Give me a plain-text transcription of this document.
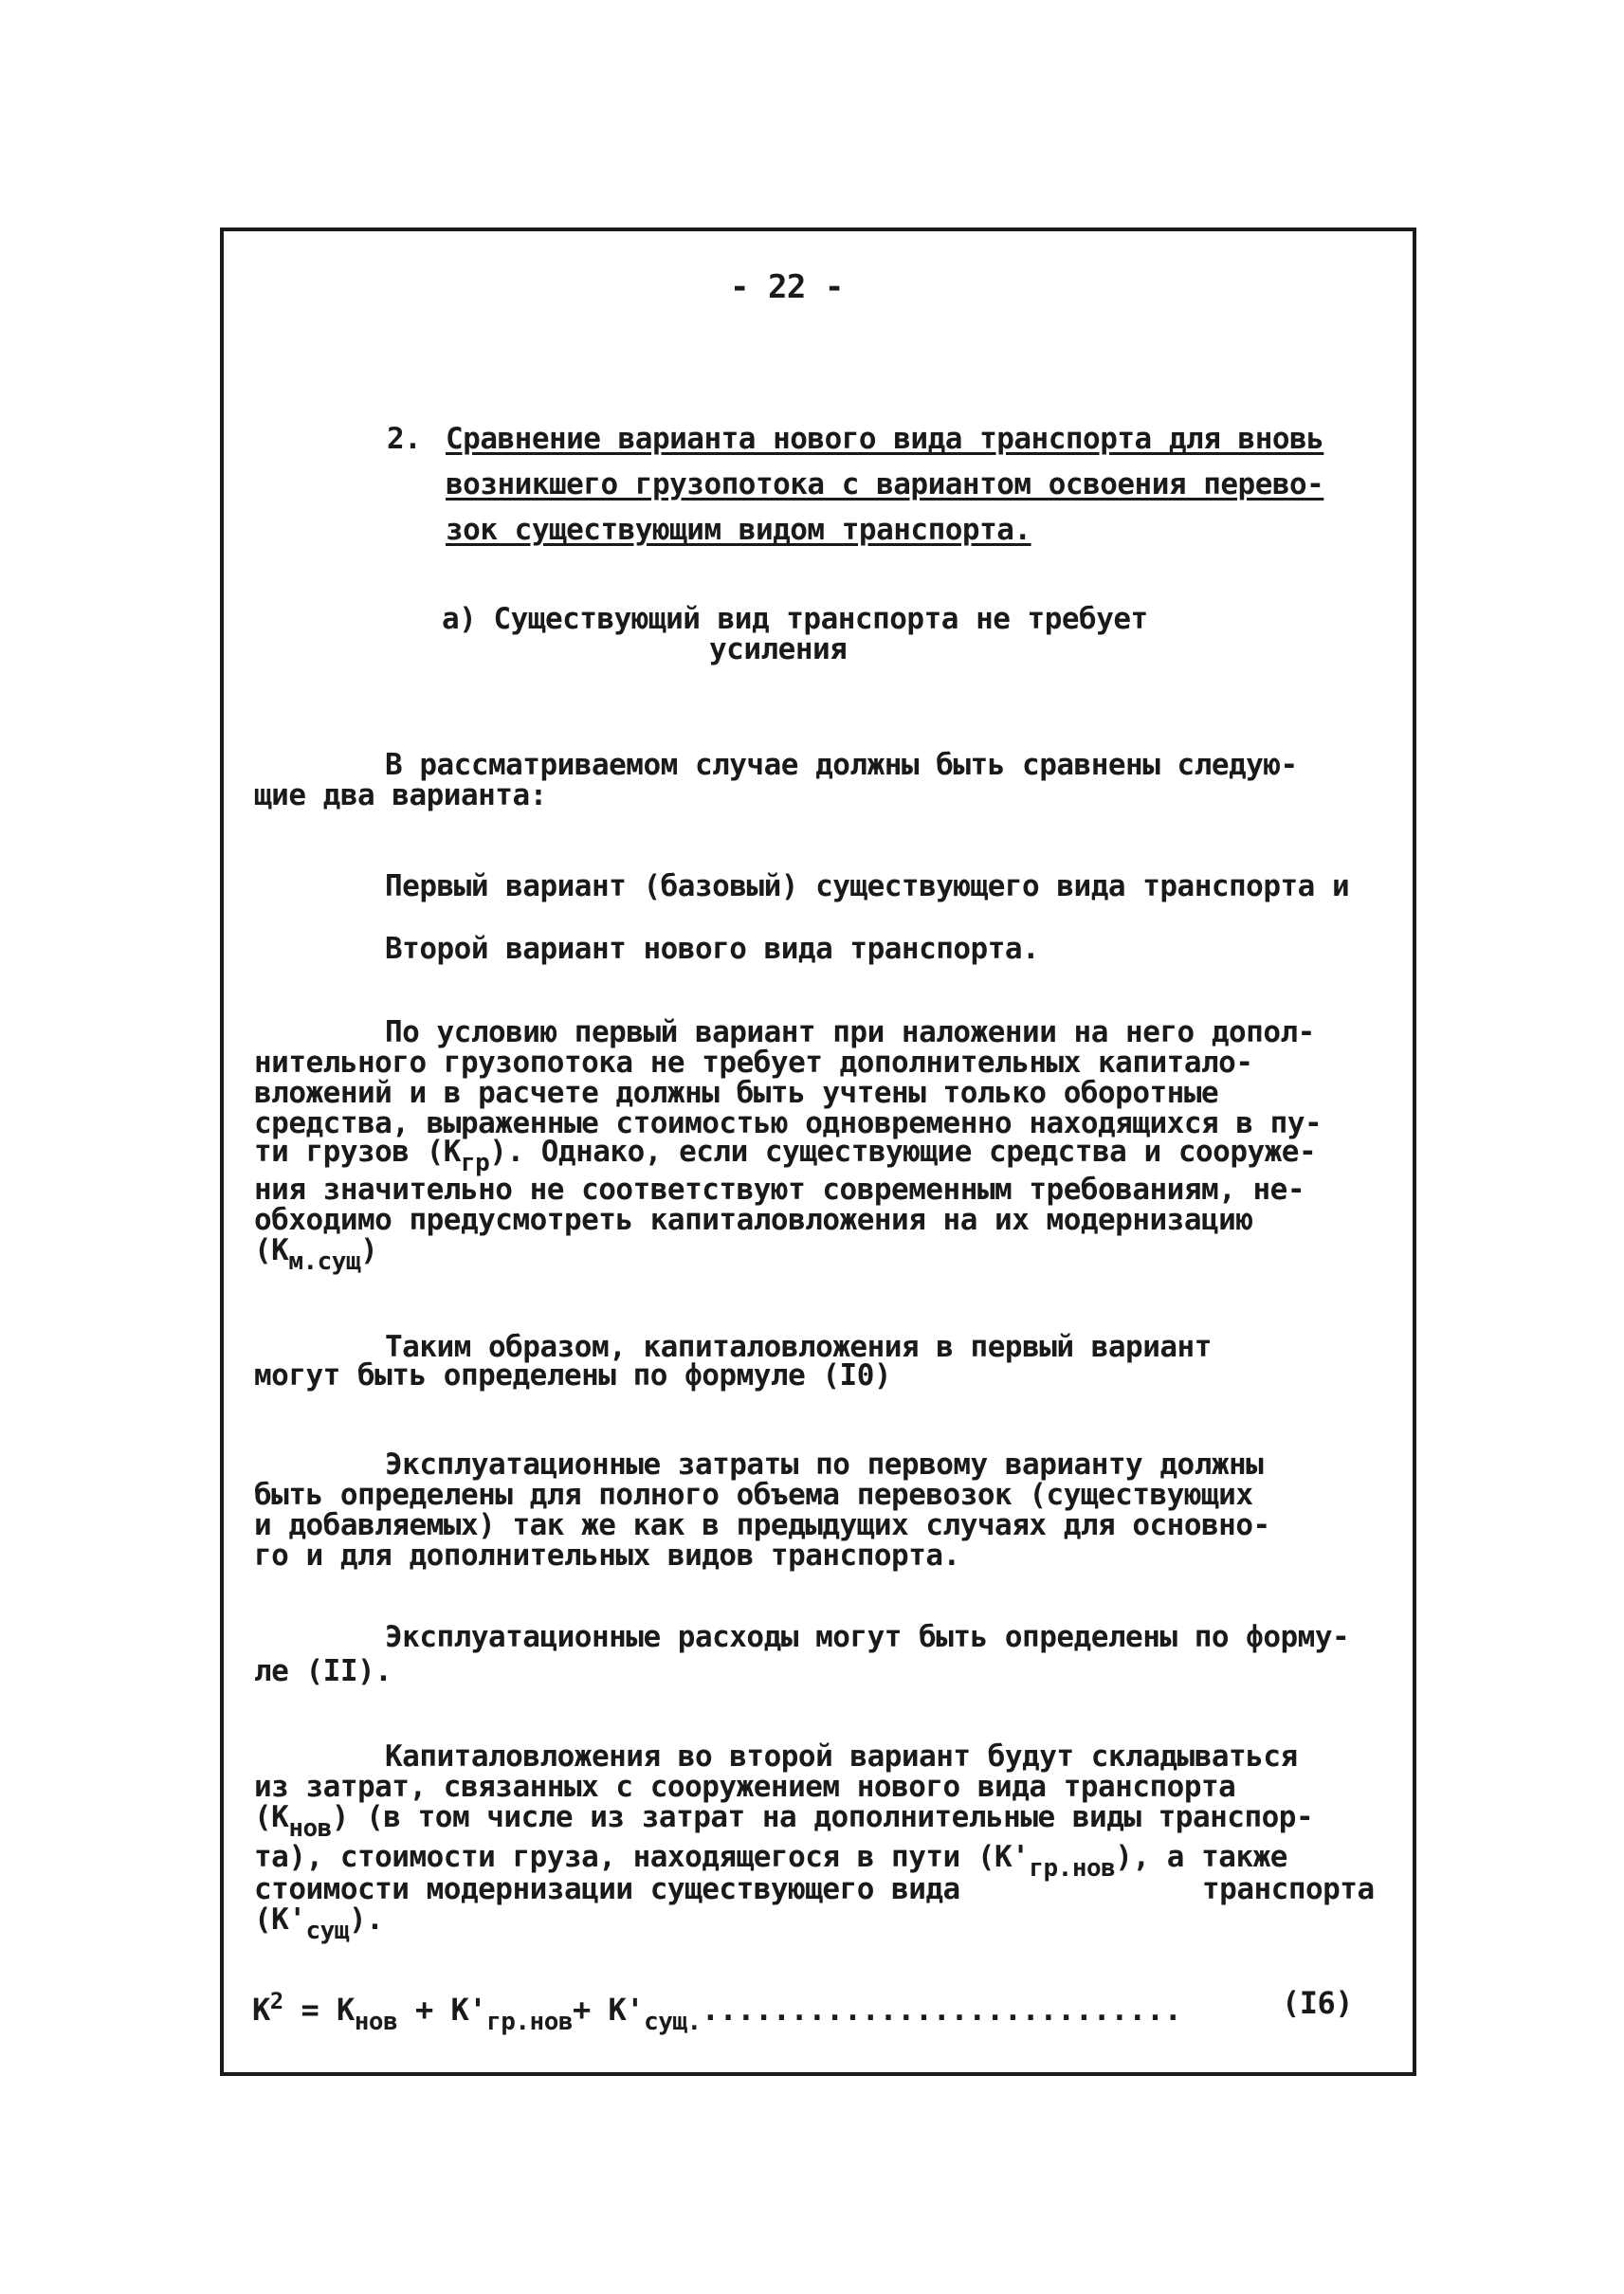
- 22 -
2. Сравнение варианта нового вида транспорта для вновь
возникшего грузопотока с вариантом освоения перево-
зок существующим видом транспорта.
а) Существующий вид транспорта не требует
усиления
В рассматриваемом случае должны быть сравнены следую-
щие два варианта:
Первый вариант (базовый) существующего вида транспорта и
Второй вариант нового вида транспорта.
По условию первый вариант при наложении на него допол-
нительного грузопотока не требует дополнительных капитало-
вложений и в расчете должны быть учтены только оборотные
средства, выраженные стоимостью одновременно находящихся в пу-
ти грузов $(К_{гр})$. Однако, если существующие средства и сооруже-
ния значительно не соответствуют современным требованиям, не-
обходимо предусмотреть капиталовложения на их модернизацию
$(К_{м.сущ})$
Таким образом, капиталовложения в первый вариант
могут быть определены по формуле (I0)
Эксплуатационные затраты по первому варианту должны
быть определены для полного объема перевозок (существующих
и добавляемых) так же как в предыдущих случаях для основно-
го и для дополнительных видов транспорта.
Эксплуатационные расходы могут быть определены по форму-
ле (II).
Капиталовложения во второй вариант будут складываться
из затрат, связанных с сооружением нового вида транспорта
$(К_{нов})$ (в том числе из затрат на дополнительные виды транспор-
та), стоимости груза, находящегося в пути $(К'_{гр.нов})$, а также
стоимости модернизации существующего вида	транспорта
$(К'_{сущ})$.
$К^2 = К_{нов} + К'_{гр.нов}+ К'_{сущ.}$...........................	(I6)
